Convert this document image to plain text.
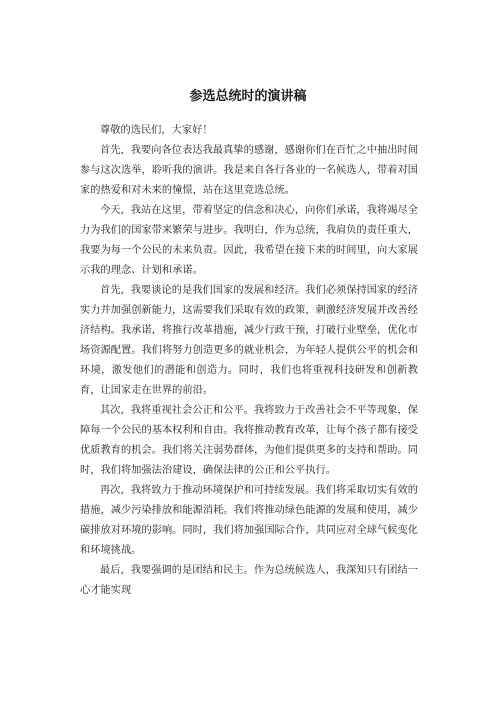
参选总统时的演讲稿

尊敬的选民们，大家好！

首先，我要向各位表达我最真挚的感谢，感谢你们在百忙之中抽出时间参与这次选举，聆听我的演讲。我是来自各行各业的一名候选人，带着对国家的热爱和对未来的憧憬，站在这里竞选总统。

今天，我站在这里，带着坚定的信念和决心，向你们承诺，我将竭尽全力为我们的国家带来繁荣与进步。我明白，作为总统，我肩负的责任重大，我要为每一个公民的未来负责。因此，我希望在接下来的时间里，向大家展示我的理念、计划和承诺。

首先，我要谈论的是我们国家的发展和经济。我们必须保持国家的经济实力并加强创新能力，这需要我们采取有效的政策，刺激经济发展并改善经济结构。我承诺，将推行改革措施，减少行政干预，打破行业壁垒，优化市场资源配置。我们将努力创造更多的就业机会，为年轻人提供公平的机会和环境，激发他们的潜能和创造力。同时，我们也将重视科技研发和创新教育，让国家走在世界的前沿。

其次，我将重视社会公正和公平。我将致力于改善社会不平等现象，保障每一个公民的基本权利和自由。我将推动教育改革，让每个孩子都有接受优质教育的机会。我们将关注弱势群体，为他们提供更多的支持和帮助。同时，我们将加强法治建设，确保法律的公正和公平执行。

再次，我将致力于推动环境保护和可持续发展。我们将采取切实有效的措施，减少污染排放和能源消耗。我们将推动绿色能源的发展和使用，减少碳排放对环境的影响。同时，我们将加强国际合作，共同应对全球气候变化和环境挑战。

最后，我要强调的是团结和民主。作为总统候选人，我深知只有团结一心才能实现
